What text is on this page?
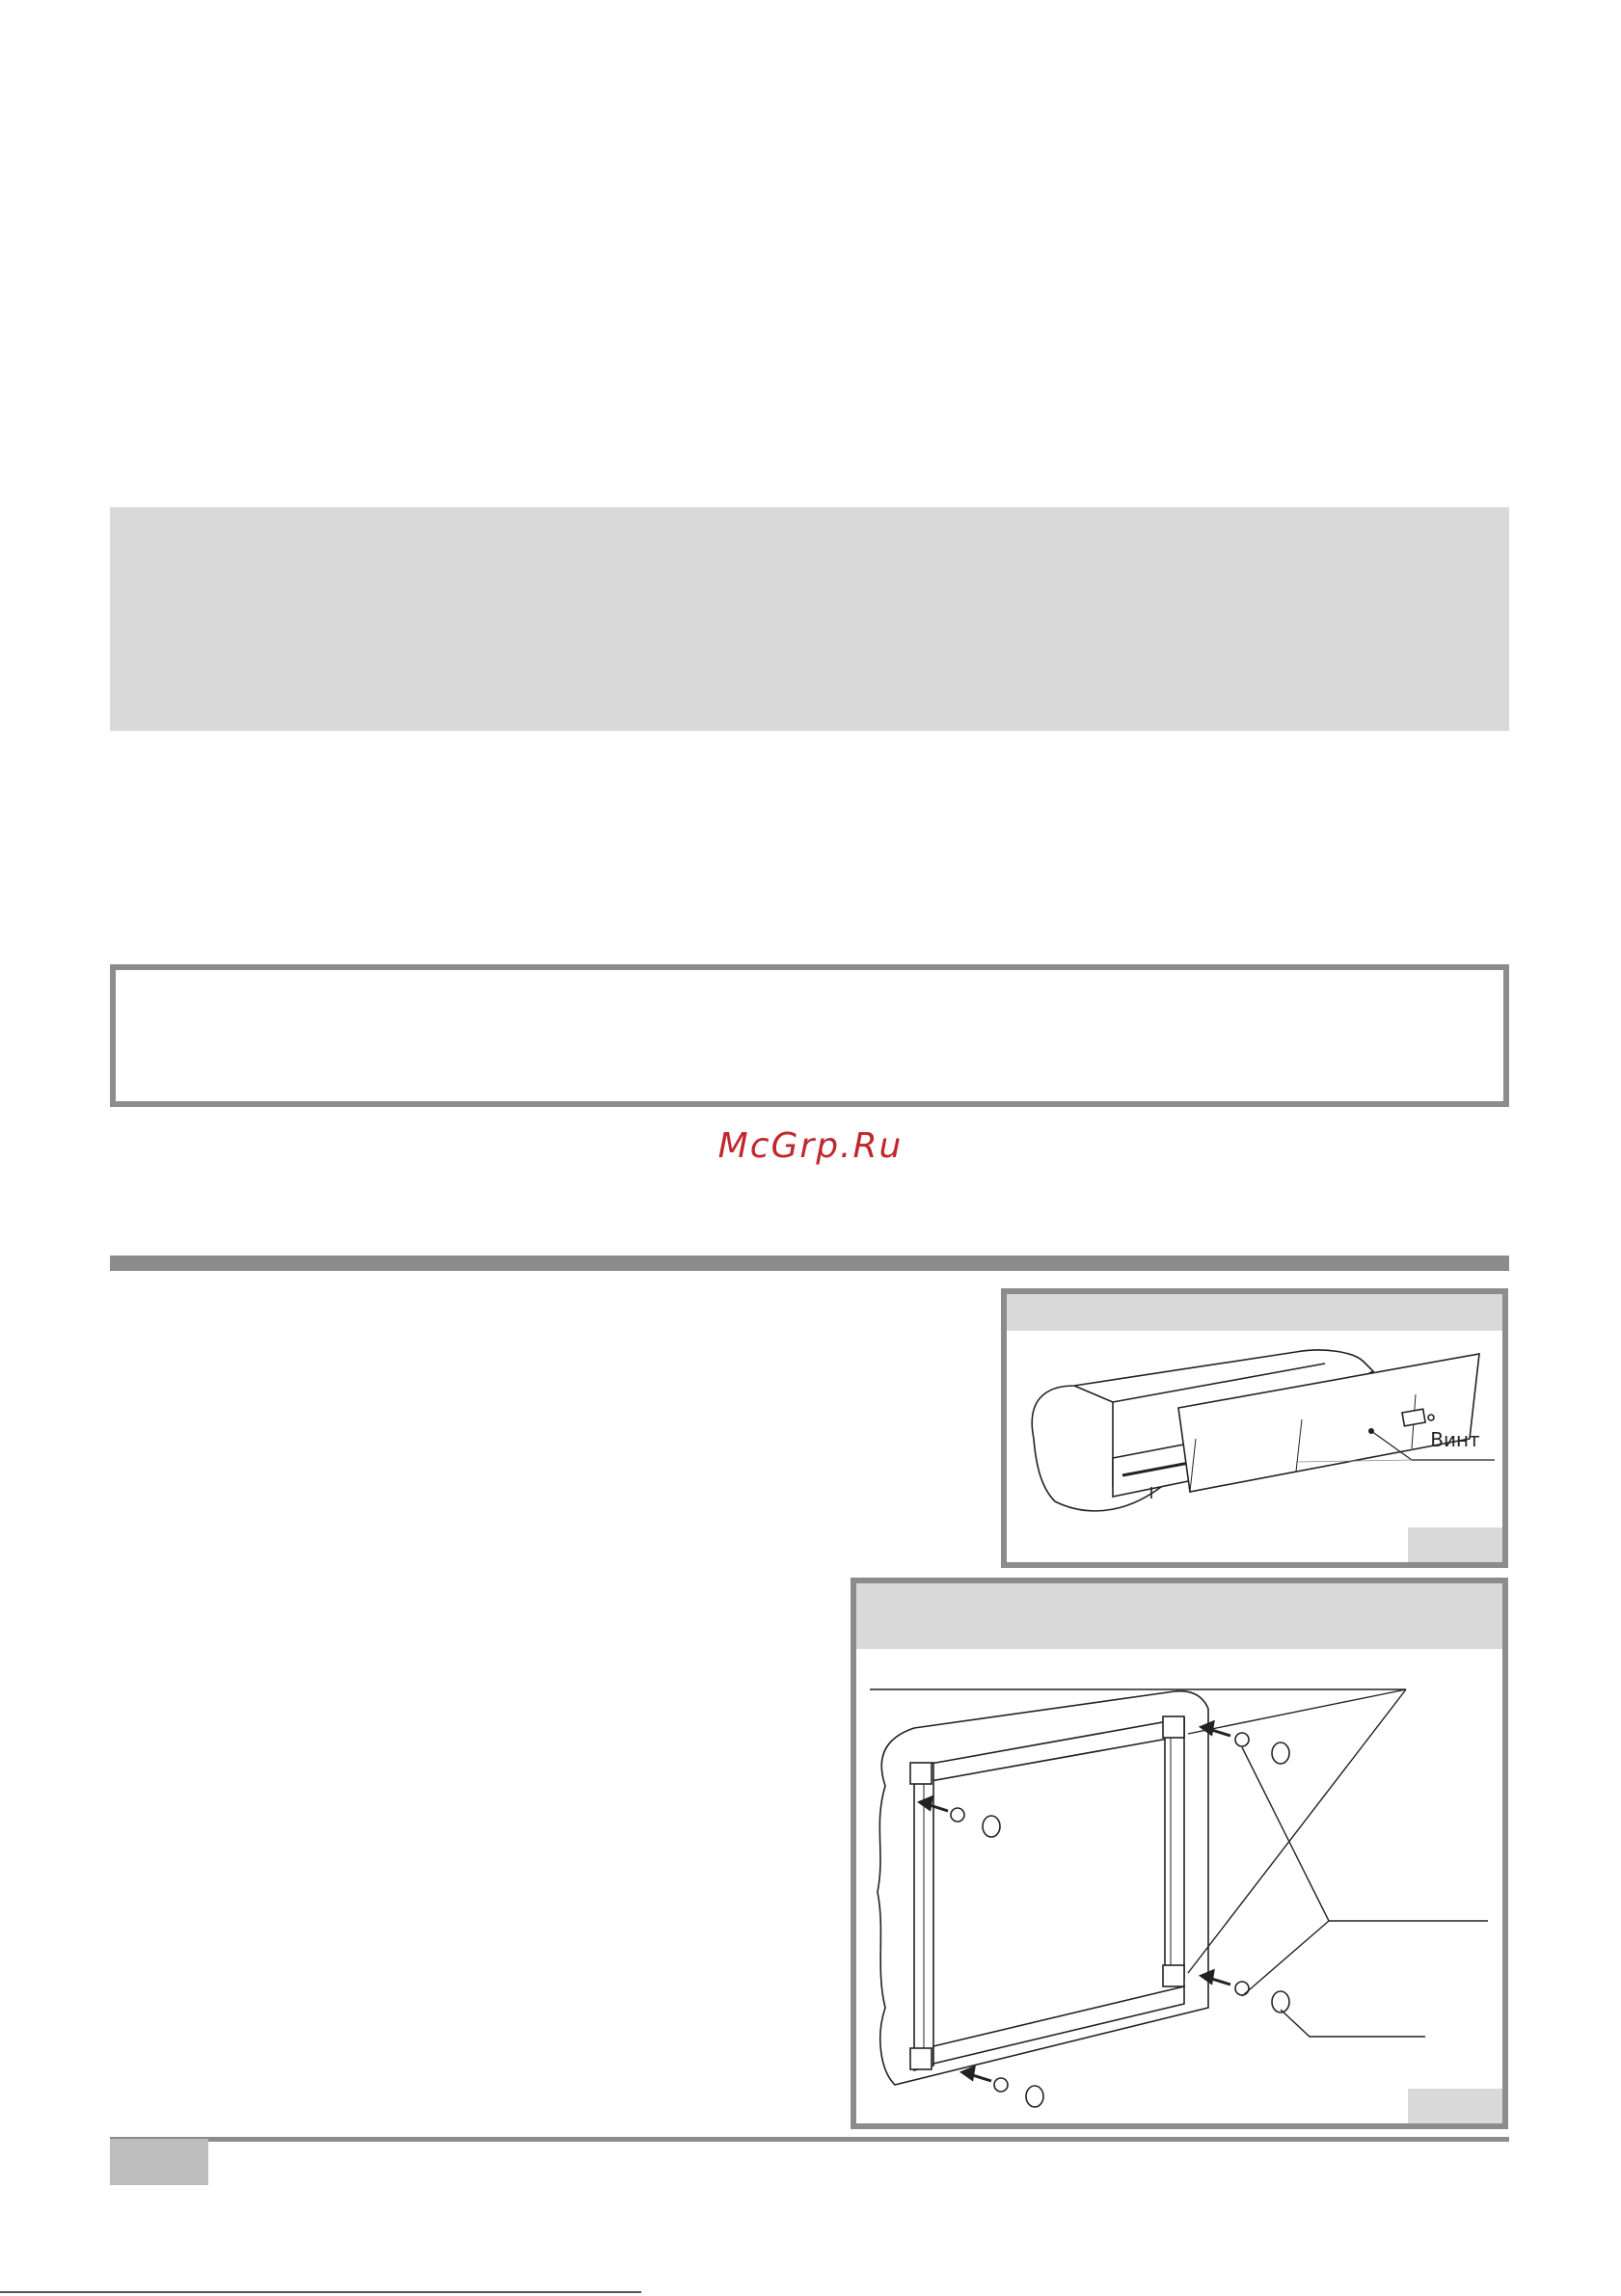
McGrp.Ru
Винт
